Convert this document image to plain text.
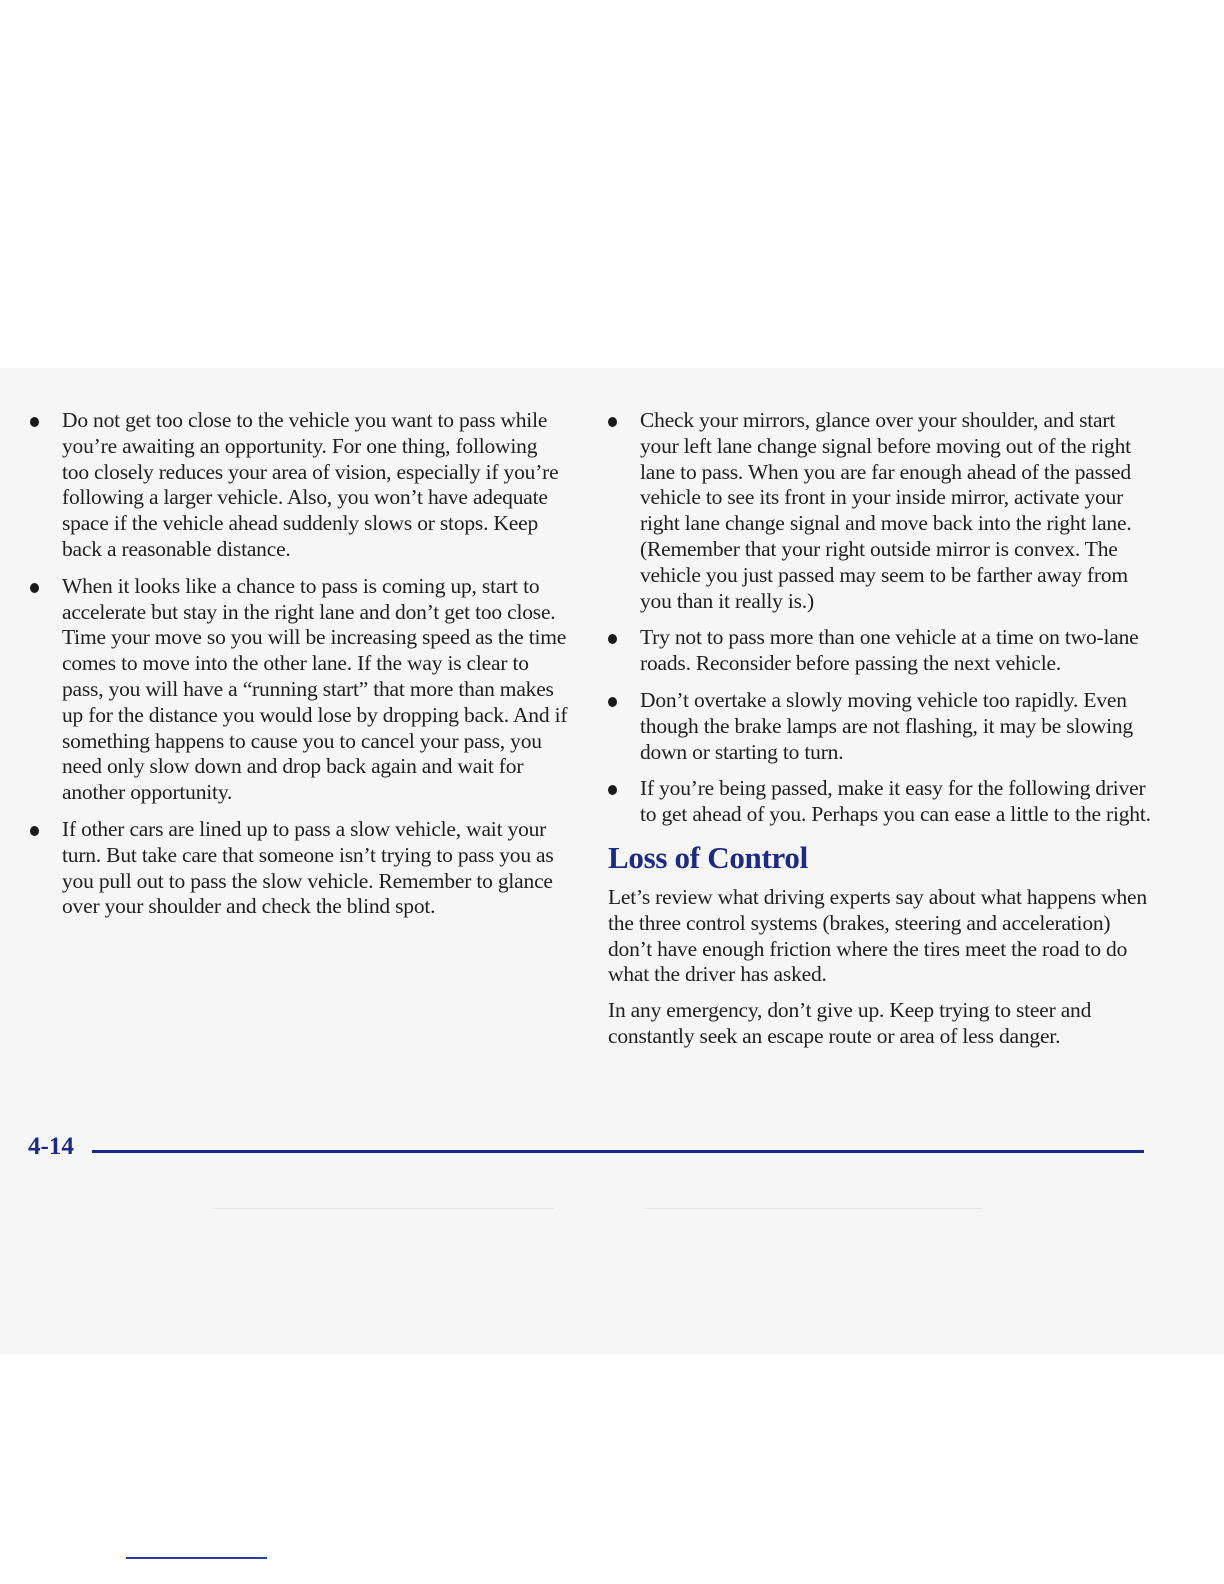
Do not get too close to the vehicle you want to pass while you’re awaiting an opportunity. For one thing, following too closely reduces your area of vision, especially if you’re following a larger vehicle. Also, you won’t have adequate space if the vehicle ahead suddenly slows or stops. Keep back a reasonable distance.
When it looks like a chance to pass is coming up, start to accelerate but stay in the right lane and don’t get too close. Time your move so you will be increasing speed as the time comes to move into the other lane. If the way is clear to pass, you will have a “running start” that more than makes up for the distance you would lose by dropping back. And if something happens to cause you to cancel your pass, you need only slow down and drop back again and wait for another opportunity.
If other cars are lined up to pass a slow vehicle, wait your turn. But take care that someone isn’t trying to pass you as you pull out to pass the slow vehicle. Remember to glance over your shoulder and check the blind spot.
Check your mirrors, glance over your shoulder, and start your left lane change signal before moving out of the right lane to pass. When you are far enough ahead of the passed vehicle to see its front in your inside mirror, activate your right lane change signal and move back into the right lane. (Remember that your right outside mirror is convex. The vehicle you just passed may seem to be farther away from you than it really is.)
Try not to pass more than one vehicle at a time on two-lane roads. Reconsider before passing the next vehicle.
Don’t overtake a slowly moving vehicle too rapidly. Even though the brake lamps are not flashing, it may be slowing down or starting to turn.
If you’re being passed, make it easy for the following driver to get ahead of you. Perhaps you can ease a little to the right.
Loss of Control

Let’s review what driving experts say about what happens when the three control systems (brakes, steering and acceleration) don’t have enough friction where the tires meet the road to do what the driver has asked.

In any emergency, don’t give up. Keep trying to steer and constantly seek an escape route or area of less danger.

4-14
